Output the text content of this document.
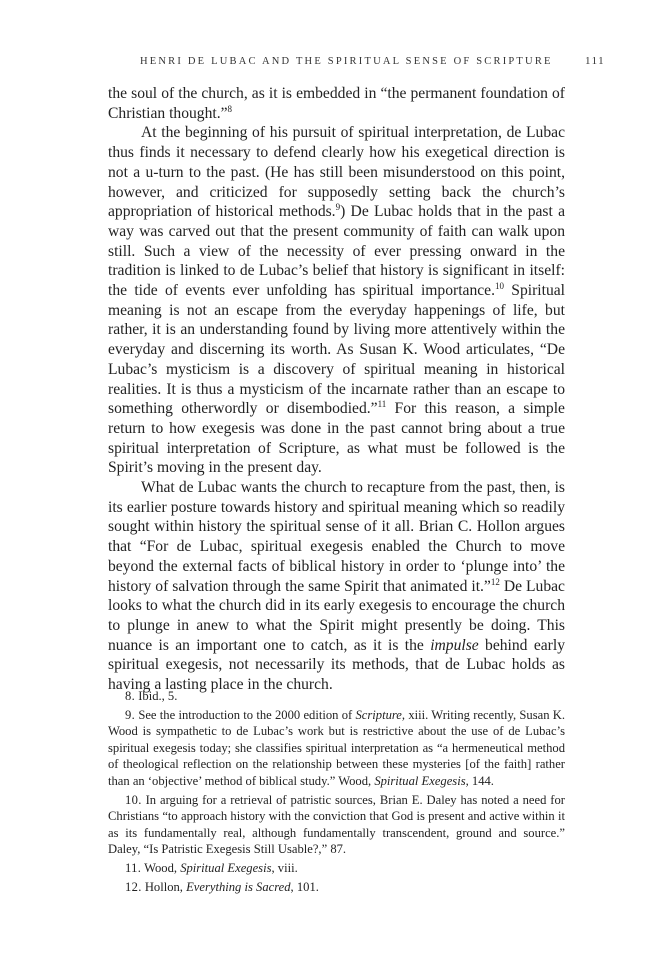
HENRI DE LUBAC AND THE SPIRITUAL SENSE OF SCRIPTURE	111

the soul of the church, as it is embedded in “the permanent foundation of Christian thought.”$^8$

At the beginning of his pursuit of spiritual interpretation, de Lubac thus finds it necessary to defend clearly how his exegetical direction is not a u-turn to the past. (He has still been misunderstood on this point, however, and criticized for supposedly setting back the church’s appropriation of historical methods.$^9$) De Lubac holds that in the past a way was carved out that the present community of faith can walk upon still. Such a view of the necessity of ever pressing onward in the tradition is linked to de Lubac’s belief that history is significant in itself: the tide of events ever unfolding has spiritual importance.$^{10}$ Spiritual meaning is not an escape from the everyday happenings of life, but rather, it is an understanding found by living more attentively within the everyday and discerning its worth. As Susan K. Wood articulates, “De Lubac’s mysticism is a discovery of spiritual meaning in historical realities. It is thus a mysticism of the incarnate rather than an escape to something otherwordly or disembodied.”$^{11}$ For this reason, a simple return to how exegesis was done in the past cannot bring about a true spiritual interpretation of Scripture, as what must be followed is the Spirit’s moving in the present day.

What de Lubac wants the church to recapture from the past, then, is its earlier posture towards history and spiritual meaning which so readily sought within history the spiritual sense of it all. Brian C. Hollon argues that “For de Lubac, spiritual exegesis enabled the Church to move beyond the external facts of biblical history in order to ‘plunge into’ the history of salvation through the same Spirit that animated it.”$^{12}$ De Lubac looks to what the church did in its early exegesis to encourage the church to plunge in anew to what the Spirit might presently be doing. This nuance is an important one to catch, as it is the impulse behind early spiritual exegesis, not necessarily its methods, that de Lubac holds as having a lasting place in the church.

8. Ibid., 5.

9. See the introduction to the 2000 edition of Scripture, xiii. Writing recently, Susan K. Wood is sympathetic to de Lubac’s work but is restrictive about the use of de Lubac’s spiritual exegesis today; she classifies spiritual interpretation as “a hermeneutical method of theological reflection on the relationship between these mysteries [of the faith] rather than an ‘objective’ method of biblical study.” Wood, Spiritual Exegesis, 144.

10. In arguing for a retrieval of patristic sources, Brian E. Daley has noted a need for Christians “to approach history with the conviction that God is present and active within it as its fundamentally real, although fundamentally transcendent, ground and source.” Daley, “Is Patristic Exegesis Still Usable?,” 87.

11. Wood, Spiritual Exegesis, viii.

12. Hollon, Everything is Sacred, 101.
